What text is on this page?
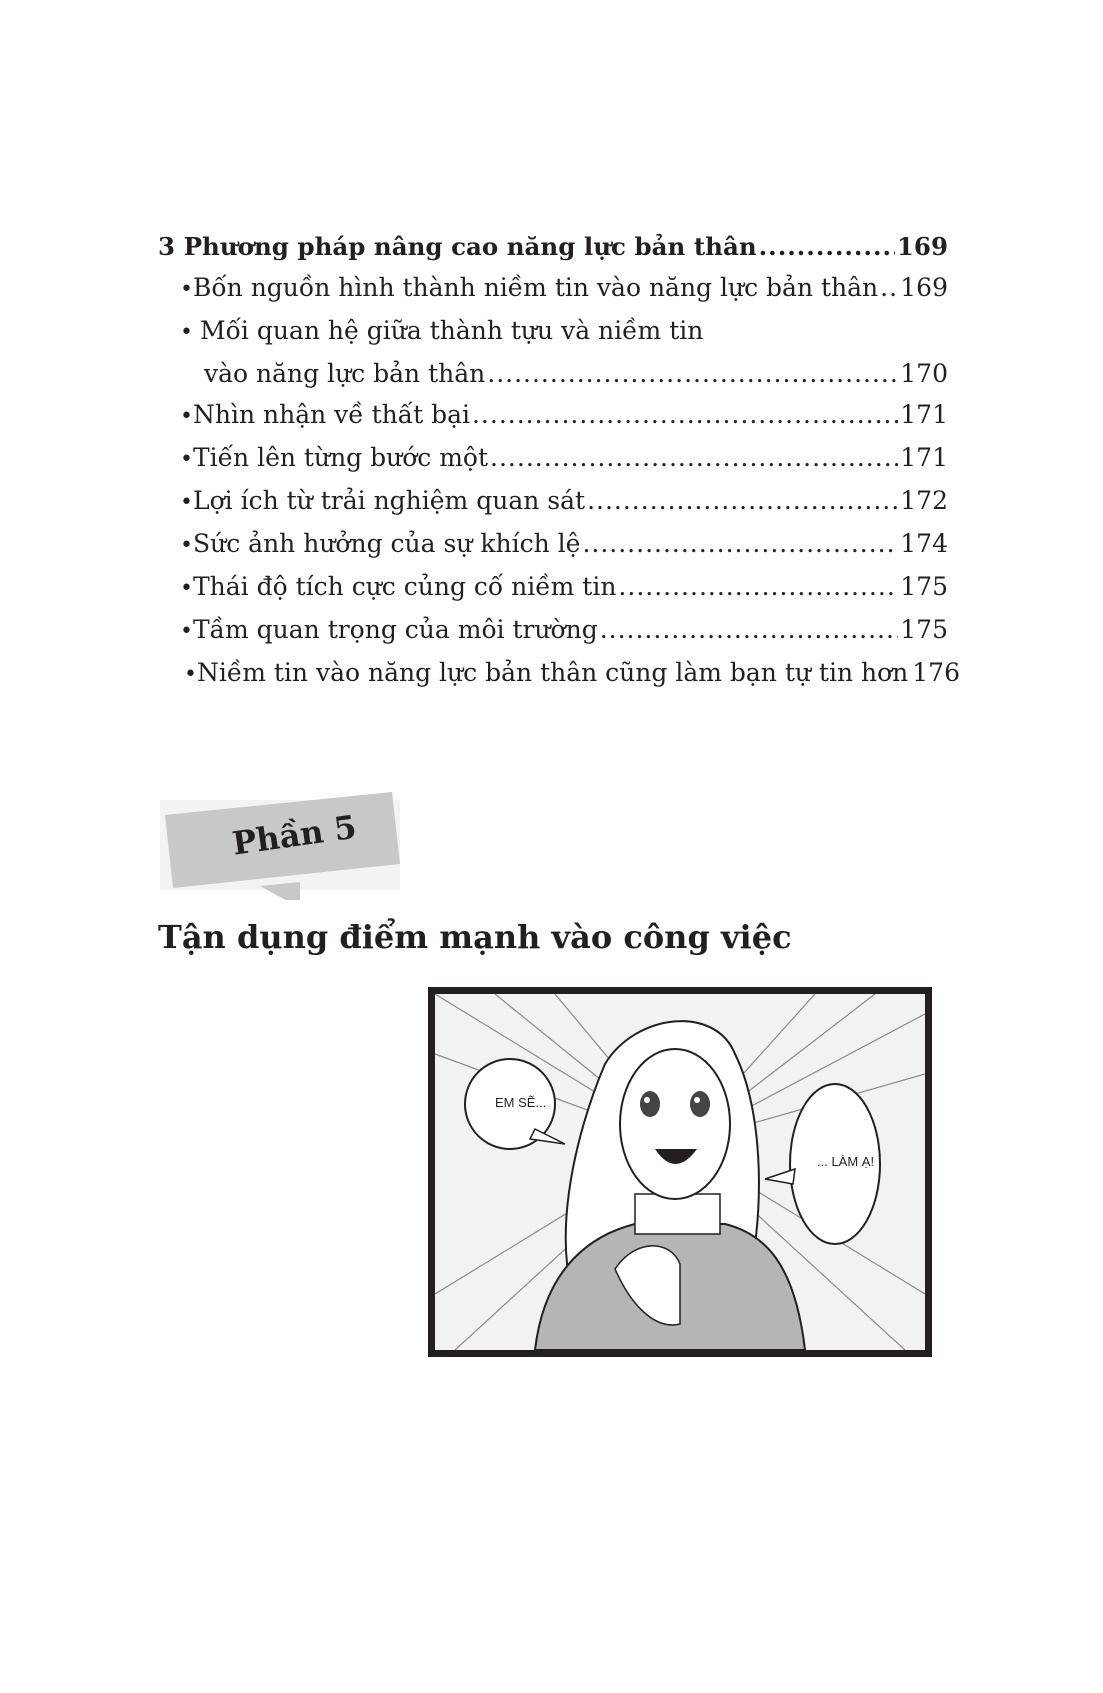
3 Phương pháp nâng cao năng lực bản thân .....	169
• Bốn nguồn hình thành niềm tin vào năng lực bản thân ..... 169
• Mối quan hệ giữa thành tựu và niềm tin
vào năng lực bản thân .....	170
• Nhìn nhận về thất bại .....	171
• Tiến lên từng bước một .....	171
• Lợi ích từ trải nghiệm quan sát .....	172
• Sức ảnh hưởng của sự khích lệ .....	174
• Thái độ tích cực củng cố niềm tin .....	175
• Tầm quan trọng của môi trường .....	175
• Niềm tin vào năng lực bản thân cũng làm bạn tự tin hơn 176
Phần 5
Tận dụng điểm mạnh vào công việc
EM SẼ...
... LÀM Ạ!
